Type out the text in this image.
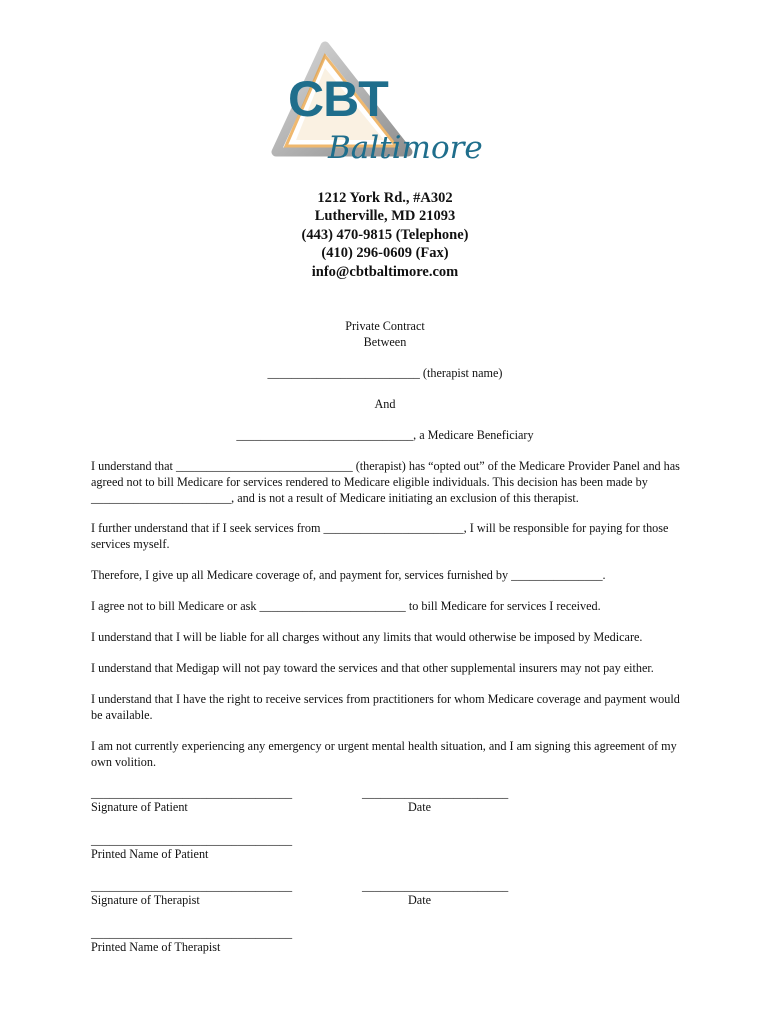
CBT
Baltimore
1212 York Rd., #A302
Lutherville, MD 21093
(443) 470-9815 (Telephone)
(410) 296-0609 (Fax)
info@cbtbaltimore.com
Private Contract
Between
_________________________ (therapist name)
And
_____________________________, a Medicare Beneficiary
I understand that _____________________________ (therapist) has “opted out” of the Medicare Provider Panel and has agreed not to bill Medicare for services rendered to Medicare eligible individuals. This decision has been made by _______________________, and is not a result of Medicare initiating an exclusion of this therapist.
I further understand that if I seek services from _______________________, I will be responsible for paying for those services myself.
Therefore, I give up all Medicare coverage of, and payment for, services furnished by _______________.
I agree not to bill Medicare or ask ________________________ to bill Medicare for services I received.
I understand that I will be liable for all charges without any limits that would otherwise be imposed by Medicare.
I understand that Medigap will not pay toward the services and that other supplemental insurers may not pay either.
I understand that I have the right to receive services from practitioners for whom Medicare coverage and payment would be available.
I am not currently experiencing any emergency or urgent mental health situation, and I am signing this agreement of my own volition.
_________________________________	________________________
Signature of Patient	Date
_________________________________
Printed Name of Patient
_________________________________	________________________
Signature of Therapist	Date
_________________________________
Printed Name of Therapist
